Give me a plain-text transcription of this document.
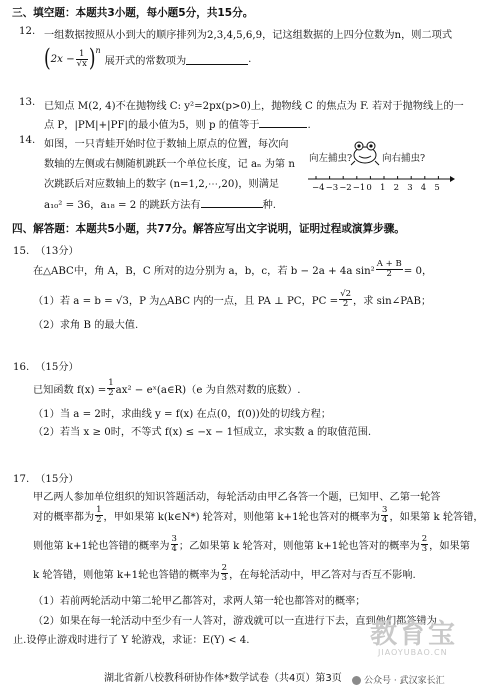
三、填空题：本题共3小题，每小题5分，共15分。
12. 一组数据按照从小到大的顺序排列为2,3,4,5,6,9，记这组数据的上四分位数为n，则二项式
( $2x - \frac{1}{√x} )^n$
展开式的常数项为	.
13. 已知点 M(2, 4)不在抛物线 C: y²=2px(p>0)上，抛物线 C 的焦点为 F. 若对于抛物线上的一
点 P，|PM|+|PF|的最小值为5，则 p 的值等于	.
14. 如图，一只青蛙开始时位于数轴上原点的位置，每次向
数轴的左侧或右侧随机跳跃一个单位长度，记 aₙ 为第 n
次跳跃后对应数轴上的数字 (n=1,2,⋯,20)，则满足
a₁₀² = 36，a₁₈ = 2 的跳跃方法有	种.
向左捕虫?	向右捕虫?
−4 −3 −2 −1 0 1 2 3 4 5
四、解答题：本题共5小题，共77分。解答应写出文字说明，证明过程或演算步骤。
15. （13分）
在△ABC中，角 A，B，C 所对的边分别为 a，b，c，若 b − 2a + 4a $\sin^2 \frac{A + B}{2} = 0$，
（1）若 a = b = √3，P 为△ABC 内的一点，且 PA ⊥ PC，PC = $\frac{√2}{2}$ ，求 sin∠PAB；
（2）求角 B 的最大值.
16. （15分）
已知函数 $f(x) = \frac{1}{2} ax^2$ − eˣ(a∈R)（e 为自然对数的底数）.
（1）当 a = 2时，求曲线 y = f(x) 在点(0，f(0))处的切线方程；
（2）若当 x ≥ 0时，不等式 f(x) ≤ −x − 1恒成立，求实数 a 的取值范围.
17. （15分）
甲乙两人参加单位组织的知识答题活动，每轮活动由甲乙各答一个题，已知甲、乙第一轮答
对的概率都为 $\frac{1}{2}$ ，甲如果第 k(k∈N*) 轮答对，则他第 k+1轮也答对的概率为 $\frac{3}{4}$ ，如果第 k 轮答错，
则他第 k+1轮也答错的概率为 $\frac{3}{4}$ ；乙如果第 k 轮答对，则他第 k+1轮也答对的概率为 $\frac{2}{3}$ ，如果第
k 轮答错，则他第 k+1轮也答错的概率为 $\frac{2}{3}$ ，在每轮活动中，甲乙答对与否互不影响.
（1）若前两轮活动中第二轮甲乙都答对，求两人第一轮也都答对的概率；
（2）如果在每一轮活动中至少有一人答对，游戏就可以一直进行下去，直到他们都答错为
止.设停止游戏时进行了 Y 轮游戏，求证：E(Y) < 4.	教育宝
JIAOYUBAO.CN
湖北省新八校教科研协作体*数学试卷（共4页）第3页	公众号 · 武汉家长汇
